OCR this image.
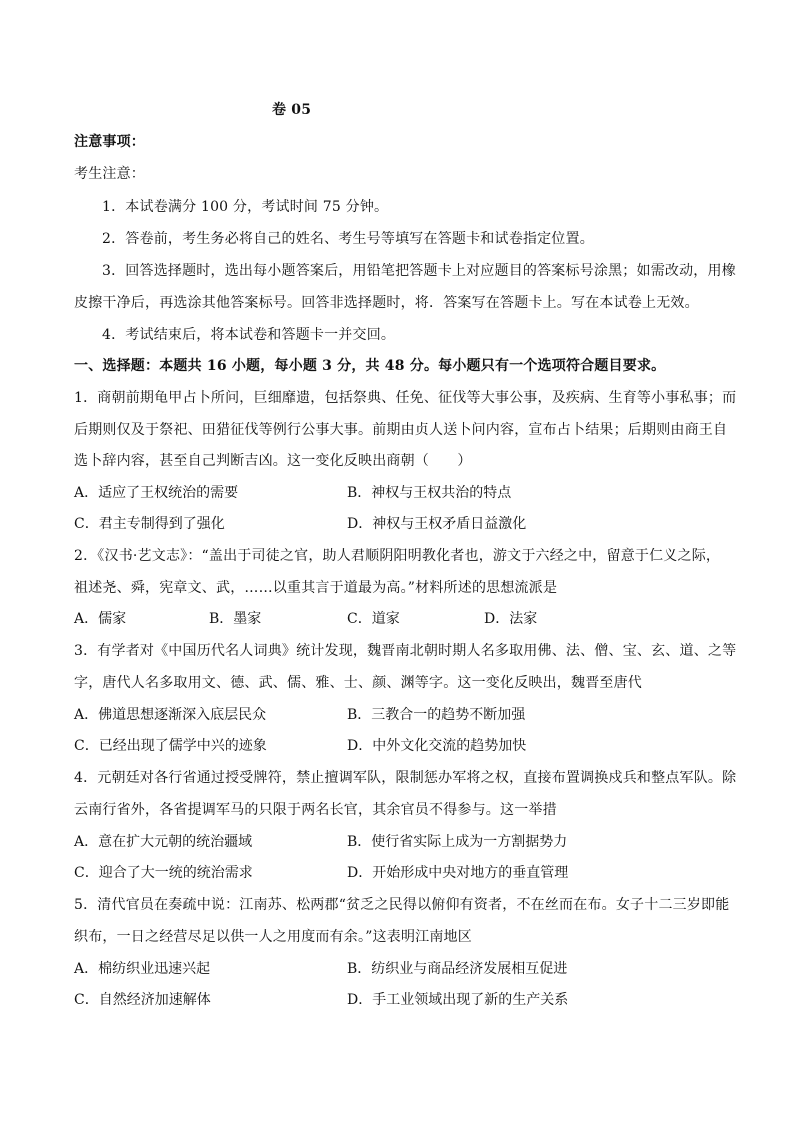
卷 05
注意事项：
考生注意：
1．本试卷满分 100 分，考试时间 75 分钟。
2．答卷前，考生务必将自己的姓名、考生号等填写在答题卡和试卷指定位置。
3．回答选择题时，选出每小题答案后，用铅笔把答题卡上对应题目的答案标号涂黑；如需改动，用橡
皮擦干净后，再选涂其他答案标号。回答非选择题时，将．答案写在答题卡上。写在本试卷上无效。
4．考试结束后，将本试卷和答题卡一并交回。
一、选择题：本题共 16 小题，每小题 3 分，共 48 分。每小题只有一个选项符合题目要求。
1．商朝前期龟甲占卜所问，巨细靡遗，包括祭典、任免、征伐等大事公事，及疾病、生育等小事私事；而
后期则仅及于祭祀、田猎征伐等例行公事大事。前期由贞人送卜问内容，宣布占卜结果；后期则由商王自
选卜辞内容，甚至自己判断吉凶。这一变化反映出商朝（　　）
A．适应了王权统治的需要	B．神权与王权共治的特点
C．君主专制得到了强化	D．神权与王权矛盾日益激化
2．《汉书·艺文志》：“盖出于司徒之官，助人君顺阴阳明教化者也，游文于六经之中，留意于仁义之际，
祖述尧、舜，宪章文、武，……以重其言于道最为高。”材料所述的思想流派是
A．儒家	B．墨家	C．道家	D．法家
3．有学者对《中国历代名人词典》统计发现，魏晋南北朝时期人名多取用佛、法、僧、宝、玄、道、之等
字，唐代人名多取用文、德、武、儒、雅、士、颜、渊等字。这一变化反映出，魏晋至唐代
A．佛道思想逐渐深入底层民众	B．三教合一的趋势不断加强
C．已经出现了儒学中兴的迹象	D．中外文化交流的趋势加快
4．元朝廷对各行省通过授受牌符，禁止擅调军队，限制惩办军将之权，直接布置调换戍兵和整点军队。除
云南行省外，各省提调军马的只限于两名长官，其余官员不得参与。这一举措
A．意在扩大元朝的统治疆域	B．使行省实际上成为一方割据势力
C．迎合了大一统的统治需求	D．开始形成中央对地方的垂直管理
5．清代官员在奏疏中说：江南苏、松两郡“贫乏之民得以俯仰有资者，不在丝而在布。女子十二三岁即能
织布，一日之经营尽足以供一人之用度而有余。”这表明江南地区
A．棉纺织业迅速兴起	B．纺织业与商品经济发展相互促进
C．自然经济加速解体	D．手工业领域出现了新的生产关系
